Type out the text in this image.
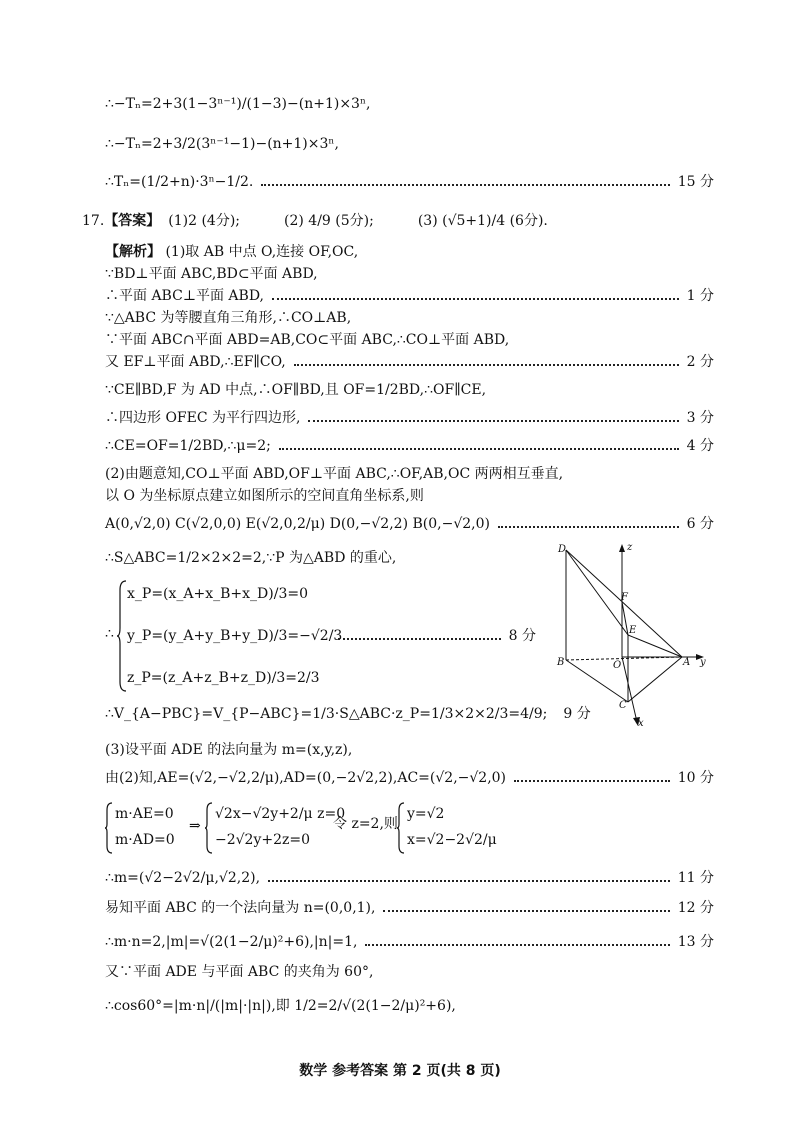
∴−Tₙ=2+3(1−3ⁿ⁻¹)/(1−3)−(n+1)×3ⁿ,
∴−Tₙ=2+3/2(3ⁿ⁻¹−1)−(n+1)×3ⁿ,
∴Tₙ=(1/2+n)·3ⁿ−1/2.	15 分
17. 【答案】 (1)2 (4分);	(2) 4/9 (5分);	(3) (√5+1)/4 (6分).
【解析】 (1)取 AB 中点 O,连接 OF,OC,
∵BD⊥平面 ABC,BD⊂平面 ABD,
∴平面 ABC⊥平面 ABD,	1 分
∵△ABC 为等腰直角三角形,∴CO⊥AB,
∵平面 ABC∩平面 ABD=AB,CO⊂平面 ABC,∴CO⊥平面 ABD,
又 EF⊥平面 ABD,∴EF∥CO,	2 分
∵CE∥BD,F 为 AD 中点,∴OF∥BD,且 OF=1/2BD,∴OF∥CE,
∴四边形 OFEC 为平行四边形,	3 分
∴CE=OF=1/2BD,∴μ=2;	4 分
(2)由题意知,CO⊥平面 ABD,OF⊥平面 ABC,∴OF,AB,OC 两两相互垂直,
以 O 为坐标原点建立如图所示的空间直角坐标系,则
A(0,√2,0) C(√2,0,0) E(√2,0,2/μ) D(0,−√2,2) B(0,−√2,0)	6 分
∴S△ABC=1/2×2×2=2,∵P 为△ABD 的重心,
∴
x_P=(x_A+x_B+x_D)/3=0
y_P=(y_A+y_B+y_D)/3=−√2/3
z_P=(z_A+z_B+z_D)/3=2/3
8 分
∴V_{A−PBC}=V_{P−ABC}=1/3·S△ABC·z_P=1/3×2×2/3=4/9; 9 分
D	z
F
E
B	O	A y
C
x
(3)设平面 ADE 的法向量为 m=(x,y,z),
由(2)知,AE=(√2,−√2,2/μ),AD=(0,−2√2,2),AC=(√2,−√2,0)	10 分
m·AE=0
m·AD=0
⇒
√2x−√2y+2/μ z=0
−2√2y+2z=0
令 z=2,则
y=√2
x=√2−2√2/μ
∴m=(√2−2√2/μ,√2,2),	11 分
易知平面 ABC 的一个法向量为 n=(0,0,1),	12 分
∴m·n=2,|m|=√(2(1−2/μ)²+6),|n|=1,	13 分
又∵平面 ADE 与平面 ABC 的夹角为 60°,
∴cos60°=|m·n|/(|m|·|n|),即 1/2=2/√(2(1−2/μ)²+6),
数学 参考答案 第 2 页(共 8 页)
